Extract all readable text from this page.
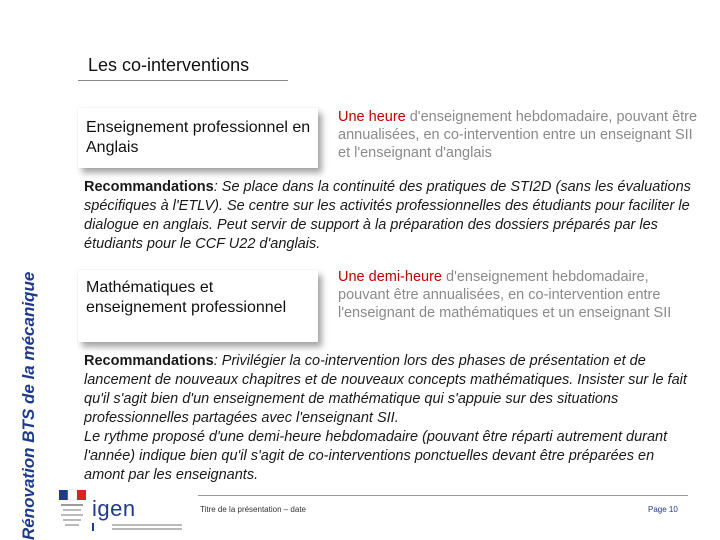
Rénovation BTS de la mécanique
Les co-interventions
Enseignement professionnel en Anglais
Une heure d'enseignement hebdomadaire, pouvant être annualisées, en co-intervention entre un enseignant SII et l'enseignant d'anglais
Recommandations: Se place dans la continuité des pratiques de STI2D (sans les évaluations spécifiques à l'ETLV). Se centre sur les activités professionnelles des étudiants pour faciliter le dialogue en anglais. Peut servir de support à la préparation des dossiers préparés par les étudiants pour le CCF U22 d'anglais.
Mathématiques et enseignement professionnel
Une demi-heure d'enseignement hebdomadaire, pouvant être annualisées, en co-intervention entre l'enseignant de mathématiques et un enseignant SII
Recommandations: Privilégier la co-intervention lors des phases de présentation et de lancement de nouveaux chapitres et de nouveaux concepts mathématiques. Insister sur le fait qu'il s'agit bien d'un enseignement de mathématique qui s'appuie sur des situations professionnelles partagées avec l'enseignant SII.
Le rythme proposé d'une demi-heure hebdomadaire (pouvant être réparti autrement durant l'année) indique bien qu'il s'agit de co-interventions ponctuelles devant être préparées en amont par les enseignants.
igen	Titre de la présentation – date	Page 10
